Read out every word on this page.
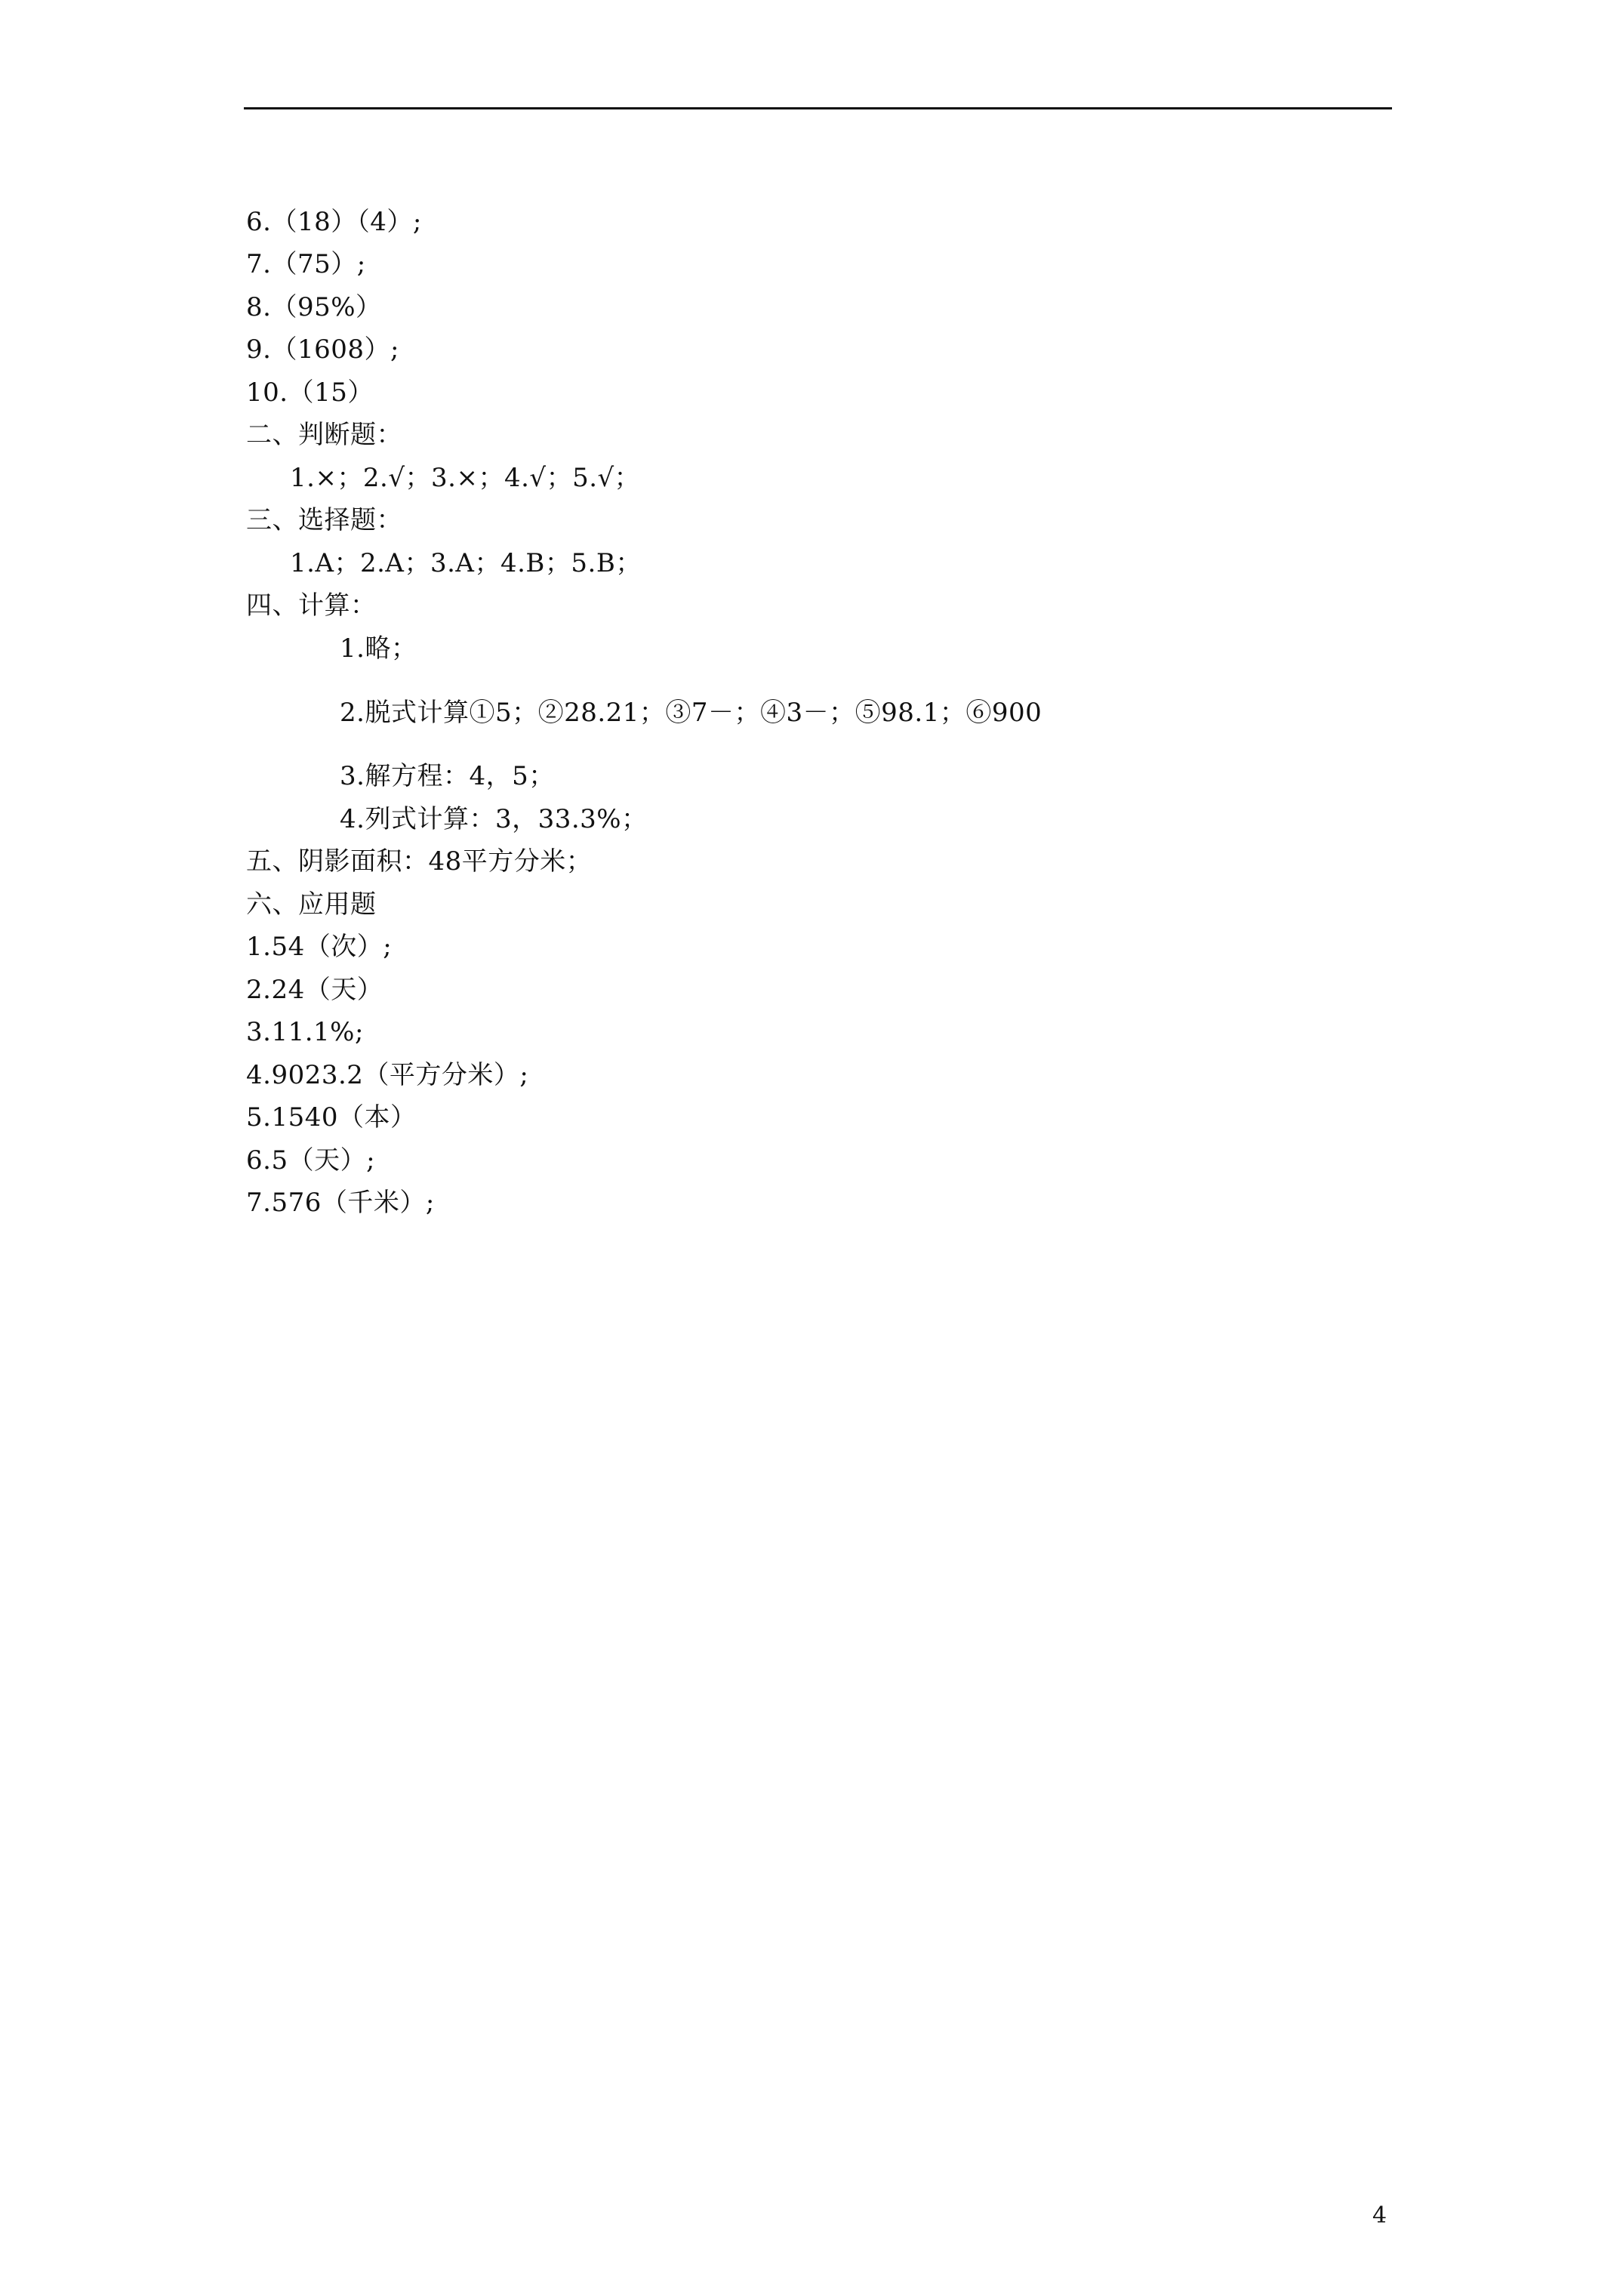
6.（18）（4）;
7.（75）;
8.（95%）
9.（1608）;
10.（15）
二、判断题：
1.×；2.√；3.×；4.√；5.√；
三、选择题：
1.A；2.A；3.A；4.B；5.B；
四、计算：
1.略；
2.脱式计算①5；②28.21；③7－；④3－；⑤98.1；⑥900
3.解方程：4，5；
4.列式计算：3，33.3%；
五、阴影面积：48平方分米；
六、应用题
1.54（次）;
2.24（天）
3.11.1%;
4.9023.2（平方分米）;
5.1540（本）
6.5（天）;
7.576（千米）;
4
